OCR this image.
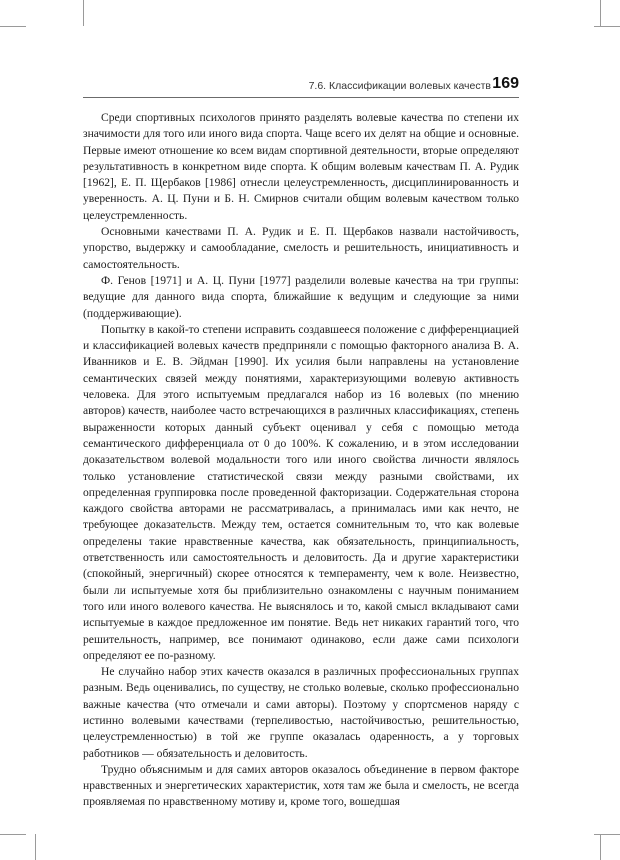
7.6. Классификации волевых качеств 169

Среди спортивных психологов принято разделять волевые качества по степени их значимости для того или иного вида спорта. Чаще всего их делят на общие и основные. Первые имеют отношение ко всем видам спортивной деятельности, вторые определяют результативность в конкретном виде спорта. К общим волевым качествам П. А. Рудик [1962], Е. П. Щербаков [1986] отнесли целеустремленность, дисциплинированность и уверенность. А. Ц. Пуни и Б. Н. Смирнов считали общим волевым качеством только целеустремленность.

Основными качествами П. А. Рудик и Е. П. Щербаков назвали настойчивость, упорство, выдержку и самообладание, смелость и решительность, инициативность и самостоятельность.

Ф. Генов [1971] и А. Ц. Пуни [1977] разделили волевые качества на три группы: ведущие для данного вида спорта, ближайшие к ведущим и следующие за ними (поддерживающие).

Попытку в какой-то степени исправить создавшееся положение с дифференциацией и классификацией волевых качеств предприняли с помощью факторного анализа В. А. Иванников и Е. В. Эйдман [1990]. Их усилия были направлены на установление семантических связей между понятиями, характеризующими волевую активность человека. Для этого испытуемым предлагался набор из 16 волевых (по мнению авторов) качеств, наиболее часто встречающихся в различных классификациях, степень выраженности которых данный субъект оценивал у себя с помощью метода семантического дифференциала от 0 до 100%. К сожалению, и в этом исследовании доказательством волевой модальности того или иного свойства личности являлось только установление статистической связи между разными свойствами, их определенная группировка после проведенной факторизации. Содержательная сторона каждого свойства авторами не рассматривалась, а принималась ими как нечто, не требующее доказательств. Между тем, остается сомнительным то, что как волевые определены такие нравственные качества, как обязательность, принципиальность, ответственность или самостоятельность и деловитость. Да и другие характеристики (спокойный, энергичный) скорее относятся к темпераменту, чем к воле. Неизвестно, были ли испытуемые хотя бы приблизительно ознакомлены с научным пониманием того или иного волевого качества. Не выяснялось и то, какой смысл вкладывают сами испытуемые в каждое предложенное им понятие. Ведь нет никаких гарантий того, что решительность, например, все понимают одинаково, если даже сами психологи определяют ее по-разному.

Не случайно набор этих качеств оказался в различных профессиональных группах разным. Ведь оценивались, по существу, не столько волевые, сколько профессионально важные качества (что отмечали и сами авторы). Поэтому у спортсменов наряду с истинно волевыми качествами (терпеливостью, настойчивостью, решительностью, целеустремленностью) в той же группе оказалась одаренность, а у торговых работников — обязательность и деловитость.

Трудно объяснимым и для самих авторов оказалось объединение в первом факторе нравственных и энергетических характеристик, хотя там же была и смелость, не всегда проявляемая по нравственному мотиву и, кроме того, вошедшая
